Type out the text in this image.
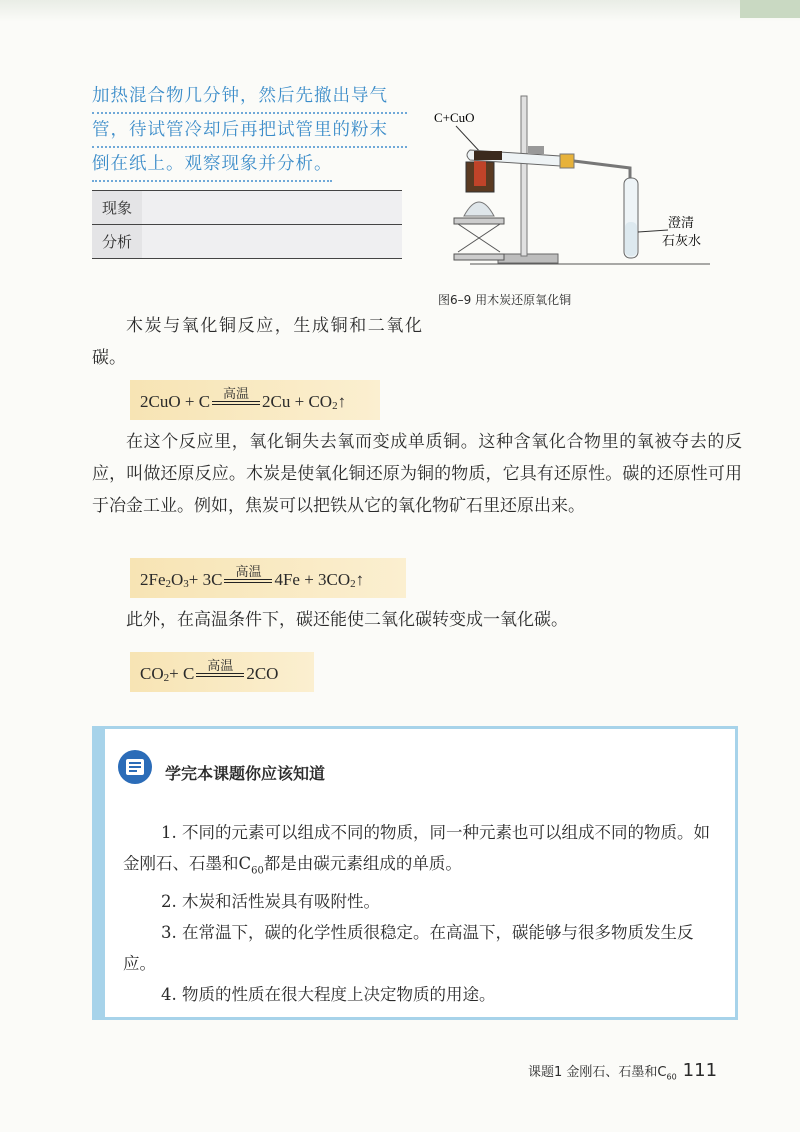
加热混合物几分钟，然后先撤出导气
管，待试管冷却后再把试管里的粉末
倒在纸上。观察现象并分析。
现象	
分析	
C+CuO
澄清
石灰水
图6–9 用木炭还原氧化铜
木炭与氧化铜反应，生成铜和二氧化碳。
2CuO + C 高温 $2Cu + CO_2$ ↑
在这个反应里，氧化铜失去氧而变成单质铜。这种含氧化合物里的氧被夺去的反应，叫做还原反应。木炭是使氧化铜还原为铜的物质，它具有还原性。碳的还原性可用于冶金工业。例如，焦炭可以把铁从它的氧化物矿石里还原出来。
$2Fe_2$ $O_3 + 3C$ 高温 $4Fe + 3CO_2$ ↑
此外，在高温条件下，碳还能使二氧化碳转变成一氧化碳。
$CO_2 + C$ 高温 2CO
学完本课题你应该知道

1. 不同的元素可以组成不同的物质，同一种元素也可以组成不同的物质。如金刚石、石墨和$C_{60}$都是由碳元素组成的单质。

2. 木炭和活性炭具有吸附性。

3. 在常温下，碳的化学性质很稳定。在高温下，碳能够与很多物质发生反应。

4. 物质的性质在很大程度上决定物质的用途。

课题1 金刚石、石墨和$C_{60}$ 111
